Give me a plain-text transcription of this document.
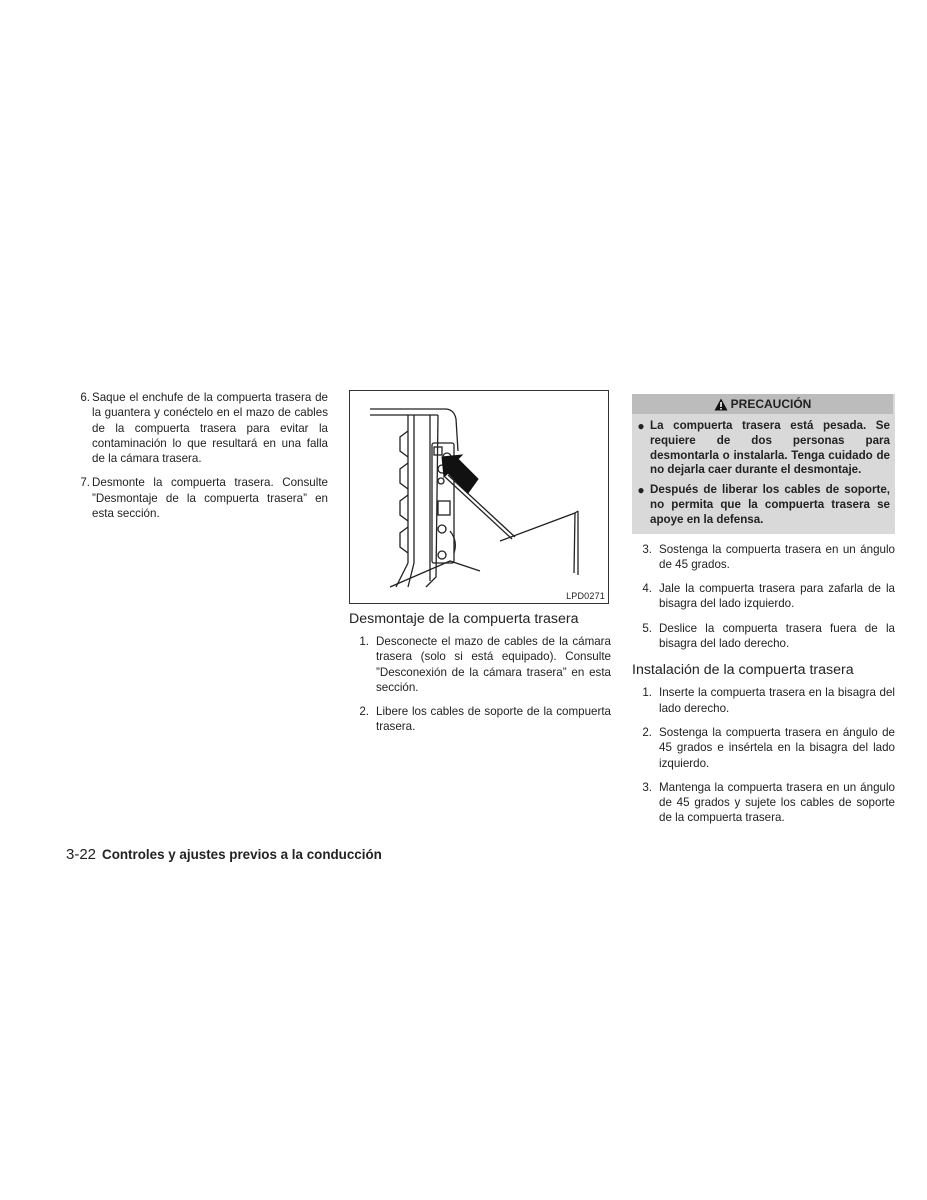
6. Saque el enchufe de la compuerta trasera de la guantera y conéctelo en el mazo de cables de la compuerta trasera para evitar la contaminación lo que resultará en una falla de la cámara trasera.
7. Desmonte la compuerta trasera. Consulte ”Desmontaje de la compuerta trasera” en esta sección.
LPD0271
Desmontaje de la compuerta trasera
1. Desconecte el mazo de cables de la cámara trasera (solo si está equipado). Consulte ”Desconexión de la cámara trasera” en esta sección.
2. Libere los cables de soporte de la compuerta trasera.
PRECAUCIÓN
● La compuerta trasera está pesada. Se requiere de dos personas para desmontarla o instalarla. Tenga cuidado de no dejarla caer durante el desmontaje.
● Después de liberar los cables de soporte, no permita que la compuerta trasera se apoye en la defensa.
3. Sostenga la compuerta trasera en un ángulo de 45 grados.
4. Jale la compuerta trasera para zafarla de la bisagra del lado izquierdo.
5. Deslice la compuerta trasera fuera de la bisagra del lado derecho.
Instalación de la compuerta trasera
1. Inserte la compuerta trasera en la bisagra del lado derecho.
2. Sostenga la compuerta trasera en ángulo de 45 grados e insértela en la bisagra del lado izquierdo.
3. Mantenga la compuerta trasera en un ángulo de 45 grados y sujete los cables de soporte de la compuerta trasera.
3-22 Controles y ajustes previos a la conducción
